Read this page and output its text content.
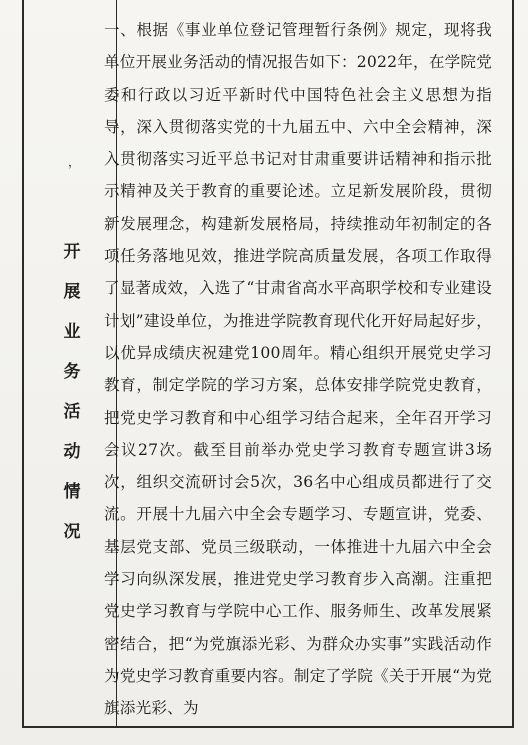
，
开
展
业
务
活
动
情
况

一、根据《事业单位登记管理暂行条例》规定，现将我单位开展业务活动的情况报告如下：2022年，在学院党委和行政以习近平新时代中国特色社会主义思想为指导，深入贯彻落实党的十九届五中、六中全会精神，深入贯彻落实习近平总书记对甘肃重要讲话精神和指示批示精神及关于教育的重要论述。立足新发展阶段，贯彻新发展理念，构建新发展格局，持续推动年初制定的各项任务落地见效，推进学院高质量发展，各项工作取得了显著成效，入选了“甘肃省高水平高职学校和专业建设计划”建设单位，为推进学院教育现代化开好局起好步，以优异成绩庆祝建党100周年。精心组织开展党史学习教育，制定学院的学习方案，总体安排学院党史教育，把党史学习教育和中心组学习结合起来，全年召开学习会议27次。截至目前举办党史学习教育专题宣讲3场次，组织交流研讨会5次，36名中心组成员都进行了交流。开展十九届六中全会专题学习、专题宣讲，党委、基层党支部、党员三级联动，一体推进十九届六中全会学习向纵深发展，推进党史学习教育步入高潮。注重把党史学习教育与学院中心工作、服务师生、改革发展紧密结合，把“为党旗添光彩、为群众办实事”实践活动作为党史学习教育重要内容。制定了学院《关于开展“为党旗添光彩、为
